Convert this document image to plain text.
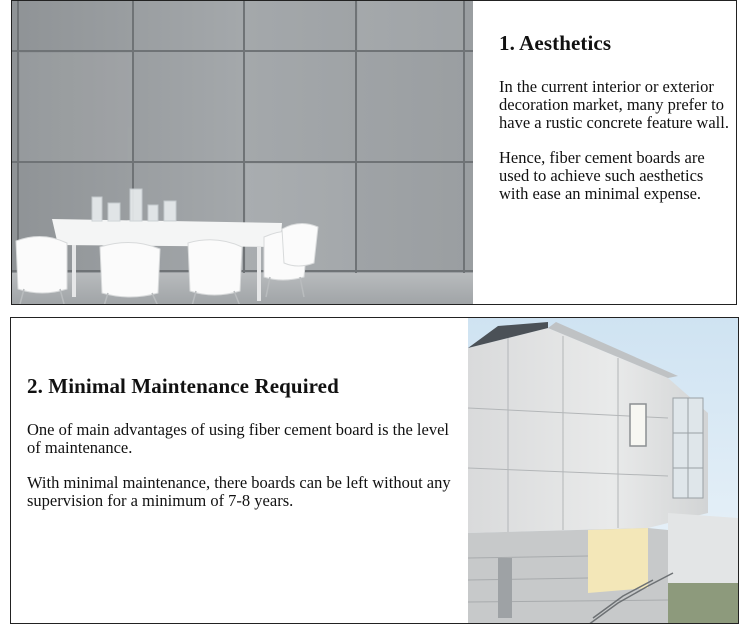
1. Aesthetics

In the current interior or exterior decoration market, many prefer to have a rustic concrete feature wall.

Hence, fiber cement boards are used to achieve such aesthetics with ease an minimal expense.

2. Minimal Maintenance Required

One of main advantages of using fiber cement board is the level of maintenance.

With minimal maintenance, there boards can be left without any supervision for a minimum of 7-8 years.
